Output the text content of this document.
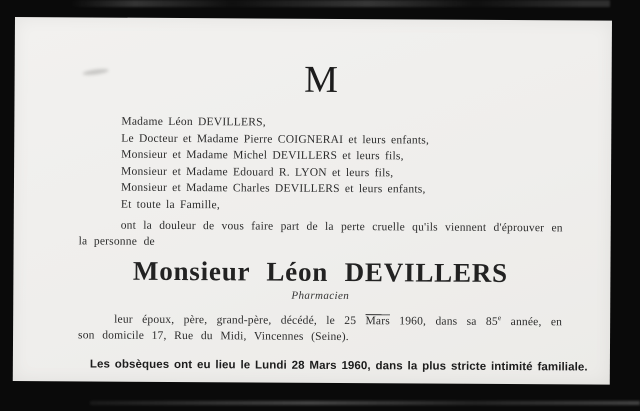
M
Madame Léon DEVILLERS,
Le Docteur et Madame Pierre COIGNERAI et leurs enfants,
Monsieur et Madame Michel DEVILLERS et leurs fils,
Monsieur et Madame Edouard R. LYON et leurs fils,
Monsieur et Madame Charles DEVILLERS et leurs enfants,
Et toute la Famille,

ont la douleur de vous faire part de la perte cruelle qu'ils viennent d'éprouver en la personne de

Monsieur Léon DEVILLERS
Pharmacien

leur époux, père, grand-père, décédé, le 25 Mars 1960, dans sa 85e année, en son domicile 17, Rue du Midi, Vincennes (Seine).

Les obsèques ont eu lieu le Lundi 28 Mars 1960, dans la plus stricte intimité familiale.
